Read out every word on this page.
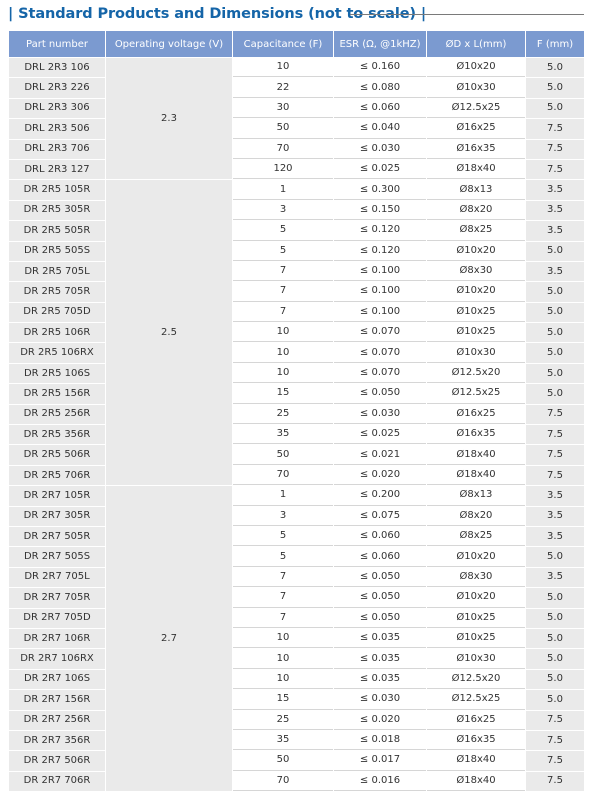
| Standard Products and Dimensions (not to scale) |
Part number	Operating voltage (V)	Capacitance (F)	ESR (Ω, @1kHZ)	ØD x L(mm)	F (mm)
DRL 2R3 106	2.3	10	≤ 0.160	Ø10x20	5.0
DRL 2R3 226		22	≤ 0.080	Ø10x30	5.0
DRL 2R3 306		30	≤ 0.060	Ø12.5x25	5.0
DRL 2R3 506		50	≤ 0.040	Ø16x25	7.5
DRL 2R3 706		70	≤ 0.030	Ø16x35	7.5
DRL 2R3 127		120	≤ 0.025	Ø18x40	7.5
DR 2R5 105R	2.5	1	≤ 0.300	Ø8x13	3.5
DR 2R5 305R		3	≤ 0.150	Ø8x20	3.5
DR 2R5 505R		5	≤ 0.120	Ø8x25	3.5
DR 2R5 505S		5	≤ 0.120	Ø10x20	5.0
DR 2R5 705L		7	≤ 0.100	Ø8x30	3.5
DR 2R5 705R		7	≤ 0.100	Ø10x20	5.0
DR 2R5 705D		7	≤ 0.100	Ø10x25	5.0
DR 2R5 106R		10	≤ 0.070	Ø10x25	5.0
DR 2R5 106RX		10	≤ 0.070	Ø10x30	5.0
DR 2R5 106S		10	≤ 0.070	Ø12.5x20	5.0
DR 2R5 156R		15	≤ 0.050	Ø12.5x25	5.0
DR 2R5 256R		25	≤ 0.030	Ø16x25	7.5
DR 2R5 356R		35	≤ 0.025	Ø16x35	7.5
DR 2R5 506R		50	≤ 0.021	Ø18x40	7.5
DR 2R5 706R		70	≤ 0.020	Ø18x40	7.5
DR 2R7 105R	2.7	1	≤ 0.200	Ø8x13	3.5
DR 2R7 305R		3	≤ 0.075	Ø8x20	3.5
DR 2R7 505R		5	≤ 0.060	Ø8x25	3.5
DR 2R7 505S		5	≤ 0.060	Ø10x20	5.0
DR 2R7 705L		7	≤ 0.050	Ø8x30	3.5
DR 2R7 705R		7	≤ 0.050	Ø10x20	5.0
DR 2R7 705D		7	≤ 0.050	Ø10x25	5.0
DR 2R7 106R		10	≤ 0.035	Ø10x25	5.0
DR 2R7 106RX		10	≤ 0.035	Ø10x30	5.0
DR 2R7 106S		10	≤ 0.035	Ø12.5x20	5.0
DR 2R7 156R		15	≤ 0.030	Ø12.5x25	5.0
DR 2R7 256R		25	≤ 0.020	Ø16x25	7.5
DR 2R7 356R		35	≤ 0.018	Ø16x35	7.5
DR 2R7 506R		50	≤ 0.017	Ø18x40	7.5
DR 2R7 706R		70	≤ 0.016	Ø18x40	7.5
